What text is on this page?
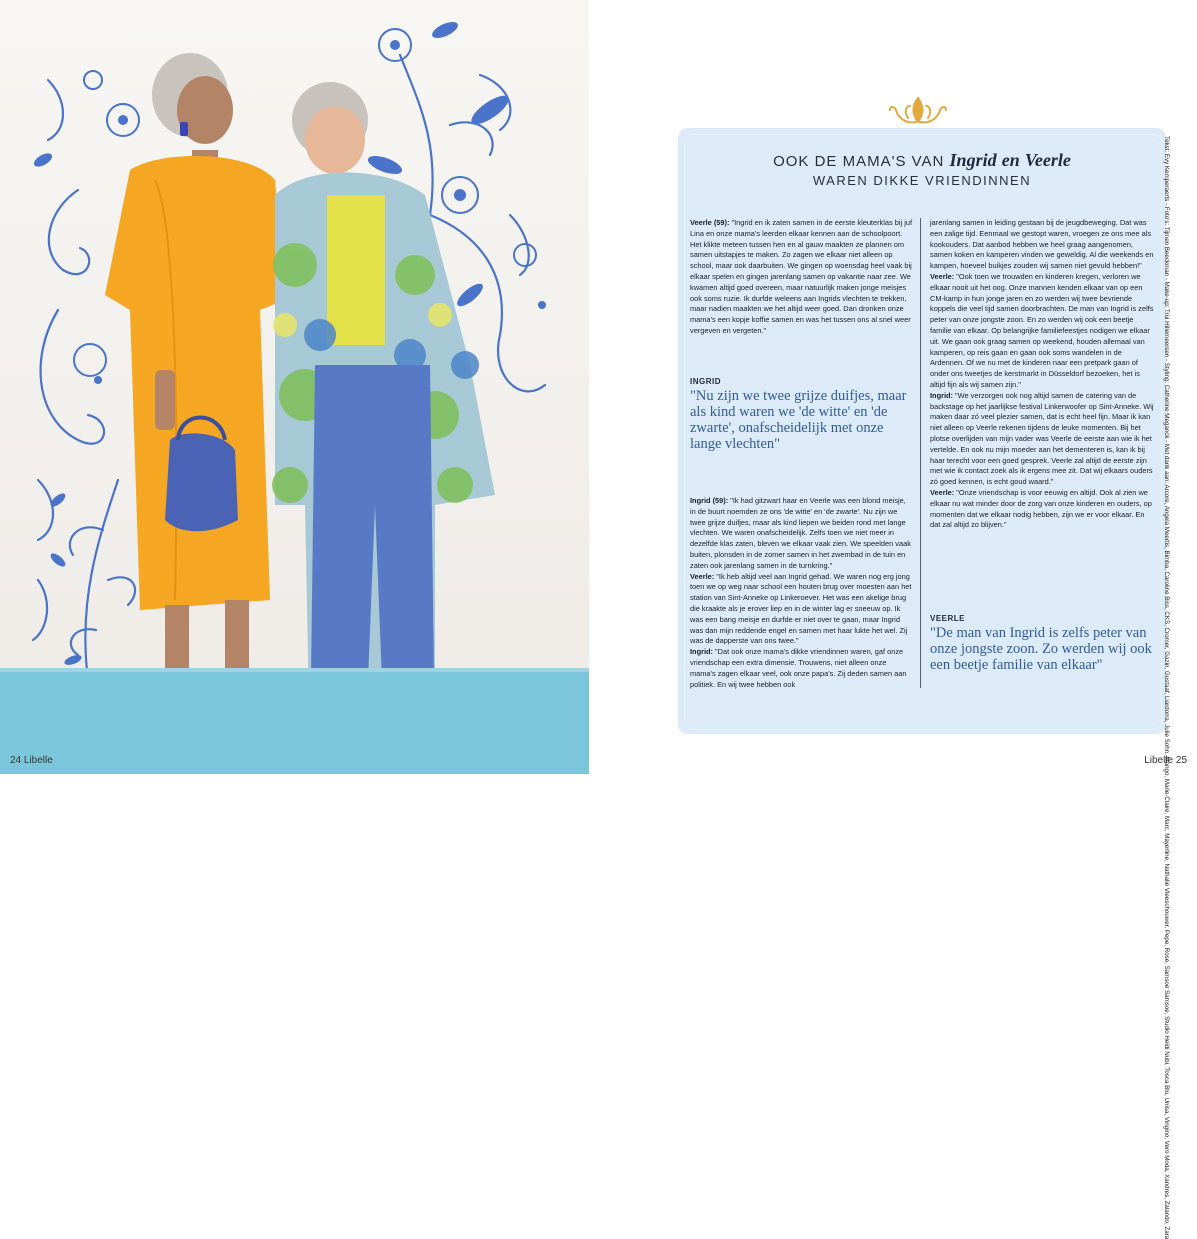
24 Libelle
OOK DE MAMA'S VAN Ingrid en Veerle
WAREN DIKKE VRIENDINNEN

Veerle (59): "Ingrid en ik zaten samen in de eerste kleuterklas bij juf Lina en onze mama's leerden elkaar kennen aan de schoolpoort. Het klikte meteen tussen hen en al gauw maakten ze plannen om samen uitstapjes te maken. Zo zagen we elkaar niet alleen op school, maar ook daarbuiten. We gingen op woensdag heel vaak bij elkaar spelen en gingen jarenlang samen op vakantie naar zee. We kwamen altijd goed overeen, maar natuurlijk maken jonge meisjes ook soms ruzie. Ik durfde weleens aan Ingrids vlechten te trekken, maar nadien maakten we het altijd weer goed. Dan dronken onze mama's een kopje koffie samen en was het tussen ons al snel weer vergeven en vergeten."

INGRID

"Nu zijn we twee grijze duifjes, maar als kind waren we 'de witte' en 'de zwarte', onafscheidelijk met onze lange vlechten"

Ingrid (59): "Ik had gitzwart haar en Veerle was een blond meisje, in de buurt noemden ze ons 'de witte' en 'de zwarte'. Nu zijn we twee grijze duifjes, maar als kind liepen we beiden rond met lange vlechten. We waren onafscheidelijk. Zelfs toen we niet meer in dezelfde klas zaten, bleven we elkaar vaak zien. We speelden vaak buiten, plonsden in de zomer samen in het zwembad in de tuin en zaten ook jarenlang samen in de turnkring."

Veerle: "Ik heb altijd veel aan Ingrid gehad. We waren nog erg jong toen we op weg naar school een houten brug over moesten aan het station van Sint-Anneke op Linkeroever. Het was een akelige brug die kraakte als je erover liep en in de winter lag er sneeuw op. Ik was een bang meisje en durfde er niet over te gaan, maar Ingrid was dan mijn reddende engel en samen met haar lukte het wel. Zij was de dapperste van ons twee."

Ingrid: "Dat ook onze mama's dikke vriendinnen waren, gaf onze vriendschap een extra dimensie. Trouwens, niet alleen onze mama's zagen elkaar veel, ook onze papa's. Zij deden samen aan politiek. En wij twee hebben ook

jarenlang samen in leiding gestaan bij de jeugdbeweging. Dat was een zalige tijd. Eenmaal we gestopt waren, vroegen ze ons mee als kookouders. Dat aanbod hebben we heel graag aangenomen, samen koken en kamperen vinden we geweldig. Al die weekends en kampen, hoeveel buikjes zouden wij samen niet gevuld hebben!"

Veerle: "Ook toen we trouwden en kinderen kregen, verloren we elkaar nooit uit het oog. Onze mannen kenden elkaar van op een CM-kamp in hun jonge jaren en zo werden wij twee bevriende koppels die veel tijd samen doorbrachten. De man van Ingrid is zelfs peter van onze jongste zoon. En zo werden wij ook een beetje familie van elkaar. Op belangrijke familiefeestjes nodigen we elkaar uit. We gaan ook graag samen op weekend, houden allemaal van kamperen, op reis gaan en gaan ook soms wandelen in de Ardennen. Of we nu met de kinderen naar een pretpark gaan of onder ons tweetjes de kerstmarkt in Düsseldorf bezoeken, het is altijd fijn als wij samen zijn."

Ingrid: "We verzorgen ook nog altijd samen de catering van de backstage op het jaarlijkse festival Linkerwoofer op Sint-Anneke. Wij maken daar zó veel plezier samen, dat is echt heel fijn. Maar ik kan niet alleen op Veerle rekenen tijdens de leuke momenten. Bij het plotse overlijden van mijn vader was Veerle de eerste aan wie ik het vertelde. En ook nu mijn moeder aan het dementeren is, kan ik bij haar terecht voor een goed gesprek. Veerle zal altijd de eerste zijn met wie ik contact zoek als ik ergens mee zit. Dat wij elkaars ouders zó goed kennen, is echt goud waard."

Veerle: "Onze vriendschap is voor eeuwig en altijd. Ook al zien we elkaar nu wat minder door de zorg van onze kinderen en ouders, op momenten dat we elkaar nodig hebben, zijn we er voor elkaar. En dat zal altijd zo blijven."

VEERLE

"De man van Ingrid is zelfs peter van onze jongste zoon. Zo werden wij ook een beetje familie van elkaar"	Tekst: Evy Kemperaerts - Foto's: Tijmen Beeckman - Make-up: Trui Hillemeersen - Styling: Catherine Meganck - Met dank aan: Arcore, Angela Meertis, Bimba, Caroline Biss, CKS, Cromer, Gazin, Gustaaf, Liardorra, Julie Sohn, Mango, Marie-Claire, Marc, Mayerline, Nathalie Vleeschouwer, Pepe, Rose, Samsoe Samsoe, Studio Heidi Nubi, Tosca Blu, Unisa, Vingino, Vero Moda, Xandres, Zalando, Zara
Libelle 25
